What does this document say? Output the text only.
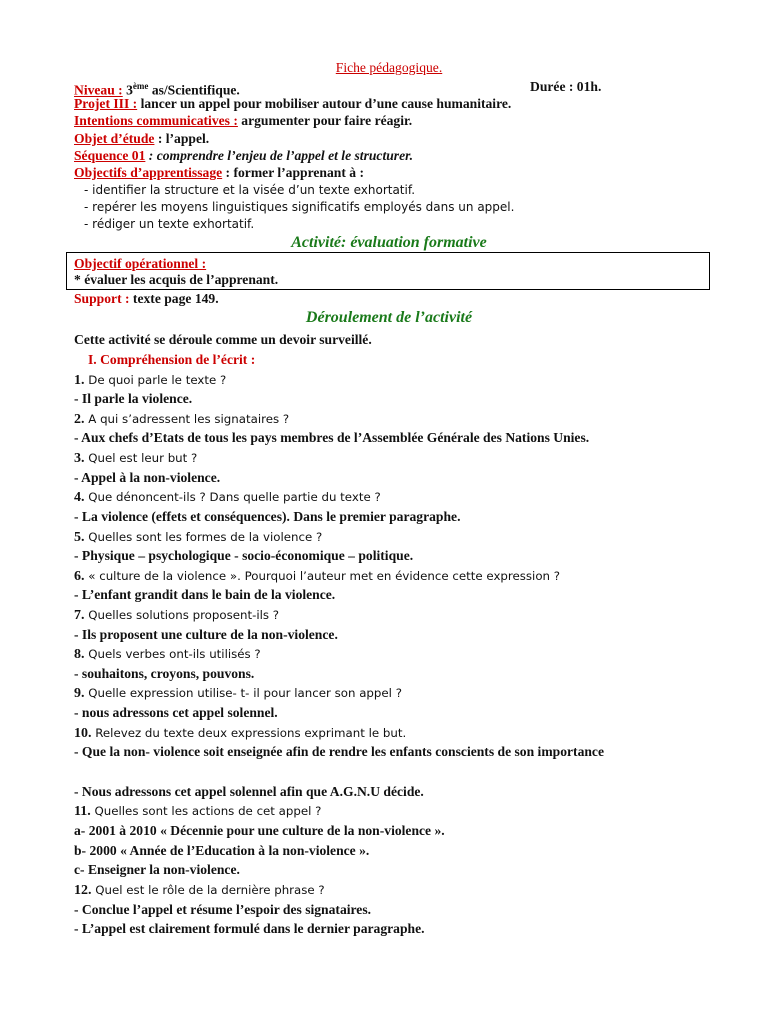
Fiche pédagogique.
Niveau : 3ème as/Scientifique.	Durée : 01h.
Projet III : lancer un appel pour mobiliser autour d’une cause humanitaire.
Intentions communicatives : argumenter pour faire réagir.
Objet d’étude : l’appel.
Séquence 01 : comprendre l’enjeu de l’appel et le structurer.
Objectifs d’apprentissage : former l’apprenant à :
- identifier la structure et la visée d’un texte exhortatif.
- repérer les moyens linguistiques significatifs employés dans un appel.
- rédiger un texte exhortatif.
Activité: évaluation formative
Objectif opérationnel :
* évaluer les acquis de l’apprenant.
Support : texte page 149.
Déroulement de l’activité
Cette activité se déroule comme un devoir surveillé.
I. Compréhension de l’écrit :
1. De quoi parle le texte ?
- Il parle la violence.
2. A qui s’adressent les signataires ?
- Aux chefs d’Etats de tous les pays membres de l’Assemblée Générale des Nations Unies.
3. Quel est leur but ?
- Appel à la non-violence.
4. Que dénoncent-ils ? Dans quelle partie du texte ?
- La violence (effets et conséquences). Dans le premier paragraphe.
5. Quelles sont les formes de la violence ?
- Physique – psychologique - socio-économique – politique.
6. « culture de la violence ». Pourquoi l’auteur met en évidence cette expression ?
- L’enfant grandit dans le bain de la violence.
7. Quelles solutions proposent-ils ?
- Ils proposent une culture de la non-violence.
8. Quels verbes ont-ils utilisés ?
- souhaitons, croyons, pouvons.
9. Quelle expression utilise- t- il pour lancer son appel ?
- nous adressons cet appel solennel.
10. Relevez du texte deux expressions exprimant le but.
- Que la non- violence soit enseignée afin de rendre les enfants conscients de son importance
- Nous adressons cet appel solennel afin que A.G.N.U décide.
11. Quelles sont les actions de cet appel ?
a- 2001 à 2010 « Décennie pour une culture de la non-violence ».
b- 2000 « Année de l’Education à la non-violence ».
c- Enseigner la non-violence.
12. Quel est le rôle de la dernière phrase ?
- Conclue l’appel et résume l’espoir des signataires.
- L’appel est clairement formulé dans le dernier paragraphe.
